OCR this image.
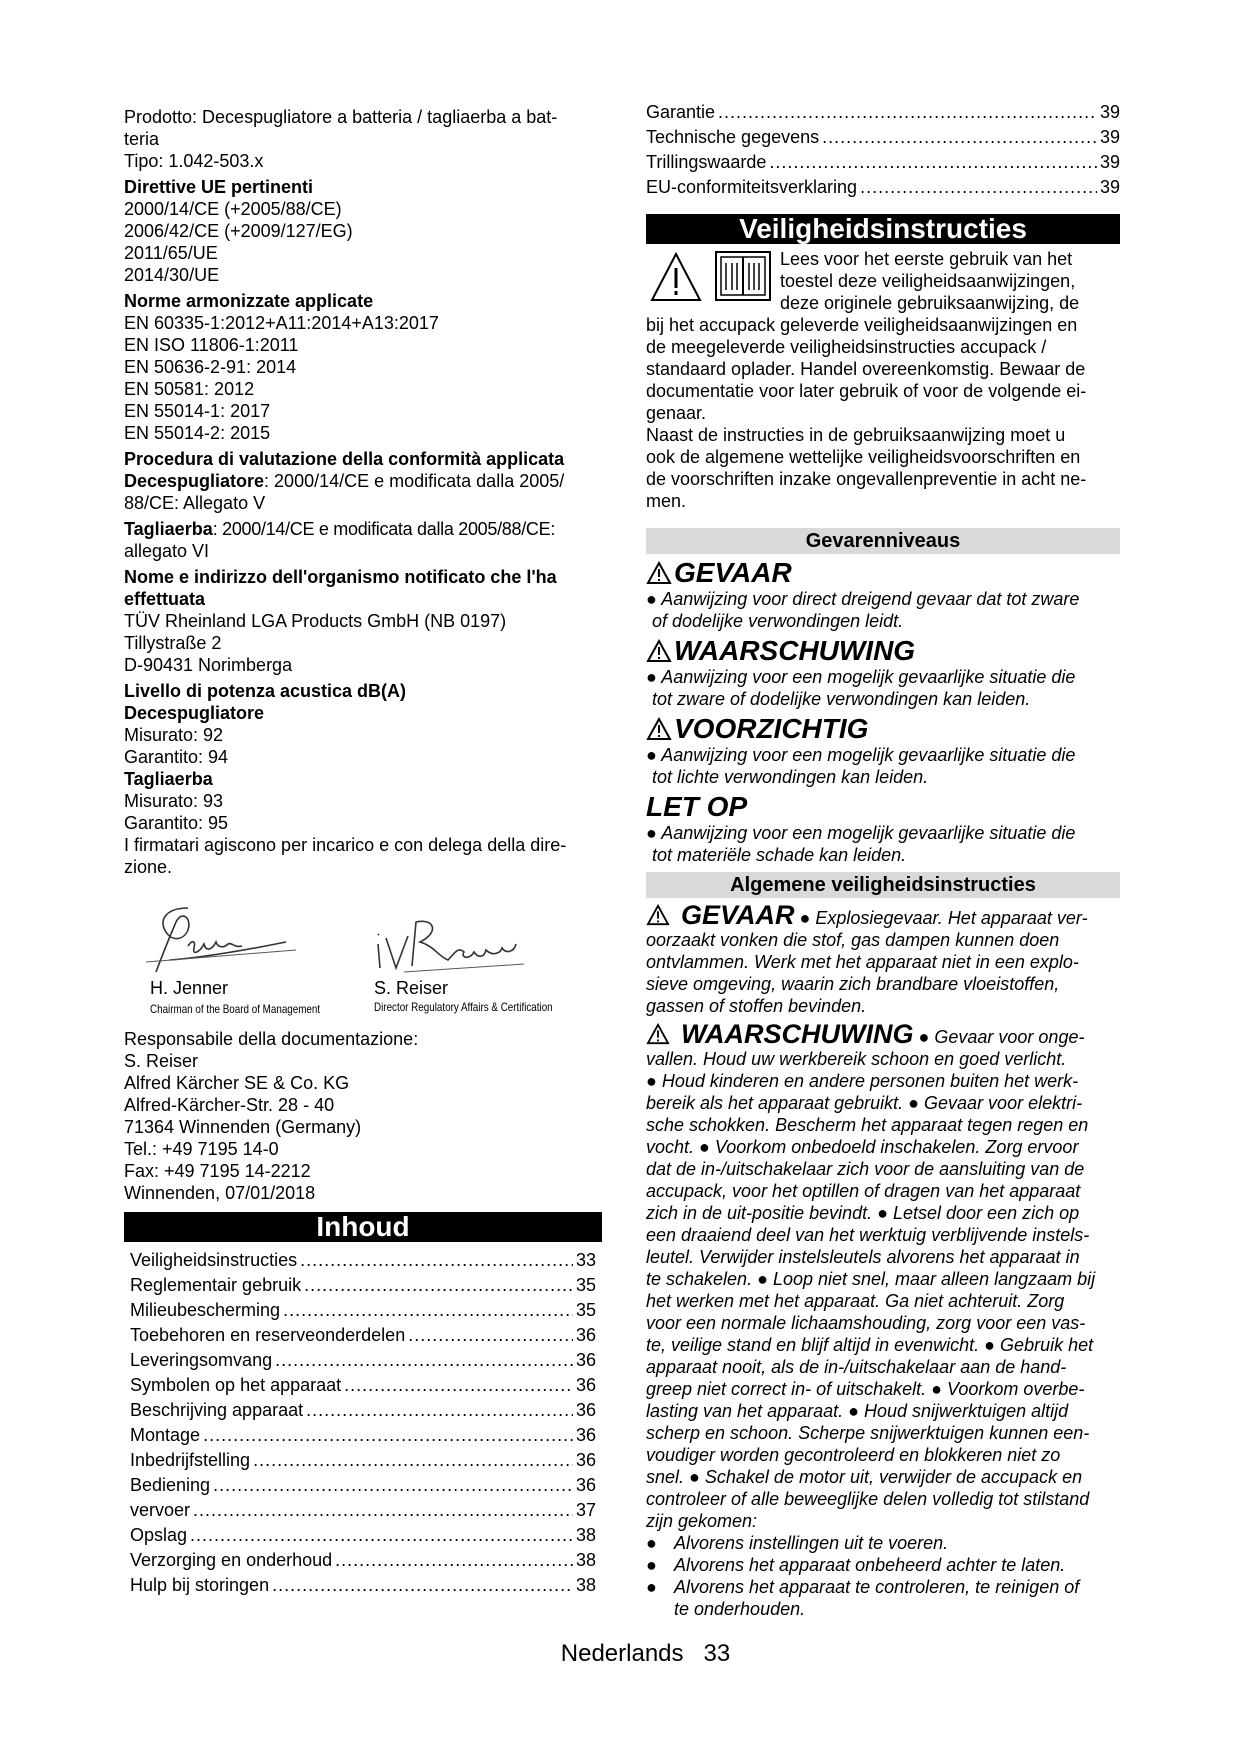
Prodotto: Decespugliatore a batteria / tagliaerba a bat-
teria
Tipo: 1.042-503.x
Direttive UE pertinenti
2000/14/CE (+2005/88/CE)
2006/42/CE (+2009/127/EG)
2011/65/UE
2014/30/UE
Norme armonizzate applicate
EN 60335-1:2012+A11:2014+A13:2017
EN ISO 11806-1:2011
EN 50636-2-91: 2014
EN 50581: 2012
EN 55014-1: 2017
EN 55014-2: 2015
Procedura di valutazione della conformità applicata
Decespugliatore: 2000/14/CE e modificata dalla 2005/
88/CE: Allegato V
Tagliaerba: 2000/14/CE e modificata dalla 2005/88/CE:
allegato VI
Nome e indirizzo dell'organismo notificato che l'ha
effettuata
TÜV Rheinland LGA Products GmbH (NB 0197)
Tillystraße 2
D-90431 Norimberga
Livello di potenza acustica dB(A)
Decespugliatore
Misurato: 92
Garantito: 94
Tagliaerba
Misurato: 93
Garantito: 95
I firmatari agiscono per incarico e con delega della dire-
zione.
H. Jenner
Chairman of the Board of Management
S. Reiser
Director Regulatory Affairs & Certification
Responsabile della documentazione:
S. Reiser
Alfred Kärcher SE & Co. KG
Alfred-Kärcher-Str. 28 - 40
71364 Winnenden (Germany)
Tel.: +49 7195 14-0
Fax: +49 7195 14-2212
Winnenden, 07/01/2018
Inhoud
Veiligheidsinstructies .....	33
Reglementair gebruik .....	35
Milieubescherming .....	35
Toebehoren en reserveonderdelen .....	36
Leveringsomvang .....	36
Symbolen op het apparaat .....	36
Beschrijving apparaat .....	36
Montage .....	36
Inbedrijfstelling .....	36
Bediening .....	36
vervoer .....	37
Opslag .....	38
Verzorging en onderhoud .....	38
Hulp bij storingen .....	38
Garantie .....	39
Technische gegevens .....	39
Trillingswaarde .....	39
EU-conformiteitsverklaring .....	39
Veiligheidsinstructies
Lees voor het eerste gebruik van het
toestel deze veiligheidsaanwijzingen,
deze originele gebruiksaanwijzing, de
bij het accupack geleverde veiligheidsaanwijzingen en
de meegeleverde veiligheidsinstructies accupack /
standaard oplader. Handel overeenkomstig. Bewaar de
documentatie voor later gebruik of voor de volgende ei-
genaar.
Naast de instructies in de gebruiksaanwijzing moet u
ook de algemene wettelijke veiligheidsvoorschriften en
de voorschriften inzake ongevallenpreventie in acht ne-
men.
Gevarenniveaus
GEVAAR
● Aanwijzing voor direct dreigend gevaar dat tot zware
of dodelijke verwondingen leidt.
WAARSCHUWING
● Aanwijzing voor een mogelijk gevaarlijke situatie die
tot zware of dodelijke verwondingen kan leiden.
VOORZICHTIG
● Aanwijzing voor een mogelijk gevaarlijke situatie die
tot lichte verwondingen kan leiden.
LET OP
● Aanwijzing voor een mogelijk gevaarlijke situatie die
tot materiële schade kan leiden.
Algemene veiligheidsinstructies
GEVAAR ● Explosiegevaar. Het apparaat ver-
oorzaakt vonken die stof, gas dampen kunnen doen
ontvlammen. Werk met het apparaat niet in een explo-
sieve omgeving, waarin zich brandbare vloeistoffen,
gassen of stoffen bevinden.
WAARSCHUWING ● Gevaar voor onge-
vallen. Houd uw werkbereik schoon en goed verlicht.
● Houd kinderen en andere personen buiten het werk-
bereik als het apparaat gebruikt. ● Gevaar voor elektri-
sche schokken. Bescherm het apparaat tegen regen en
vocht. ● Voorkom onbedoeld inschakelen. Zorg ervoor
dat de in-/uitschakelaar zich voor de aansluiting van de
accupack, voor het optillen of dragen van het apparaat
zich in de uit-positie bevindt. ● Letsel door een zich op
een draaiend deel van het werktuig verblijvende instels-
leutel. Verwijder instelsleutels alvorens het apparaat in
te schakelen. ● Loop niet snel, maar alleen langzaam bij
het werken met het apparaat. Ga niet achteruit. Zorg
voor een normale lichaamshouding, zorg voor een vas-
te, veilige stand en blijf altijd in evenwicht. ● Gebruik het
apparaat nooit, als de in-/uitschakelaar aan de hand-
greep niet correct in- of uitschakelt. ● Voorkom overbe-
lasting van het apparaat. ● Houd snijwerktuigen altijd
scherp en schoon. Scherpe snijwerktuigen kunnen een-
voudiger worden gecontroleerd en blokkeren niet zo
snel. ● Schakel de motor uit, verwijder de accupack en
controleer of alle beweeglijke delen volledig tot stilstand
zijn gekomen:
● Alvorens instellingen uit te voeren.
● Alvorens het apparaat onbeheerd achter te laten.
● Alvorens het apparaat te controleren, te reinigen of
te onderhouden.
Nederlands 33
